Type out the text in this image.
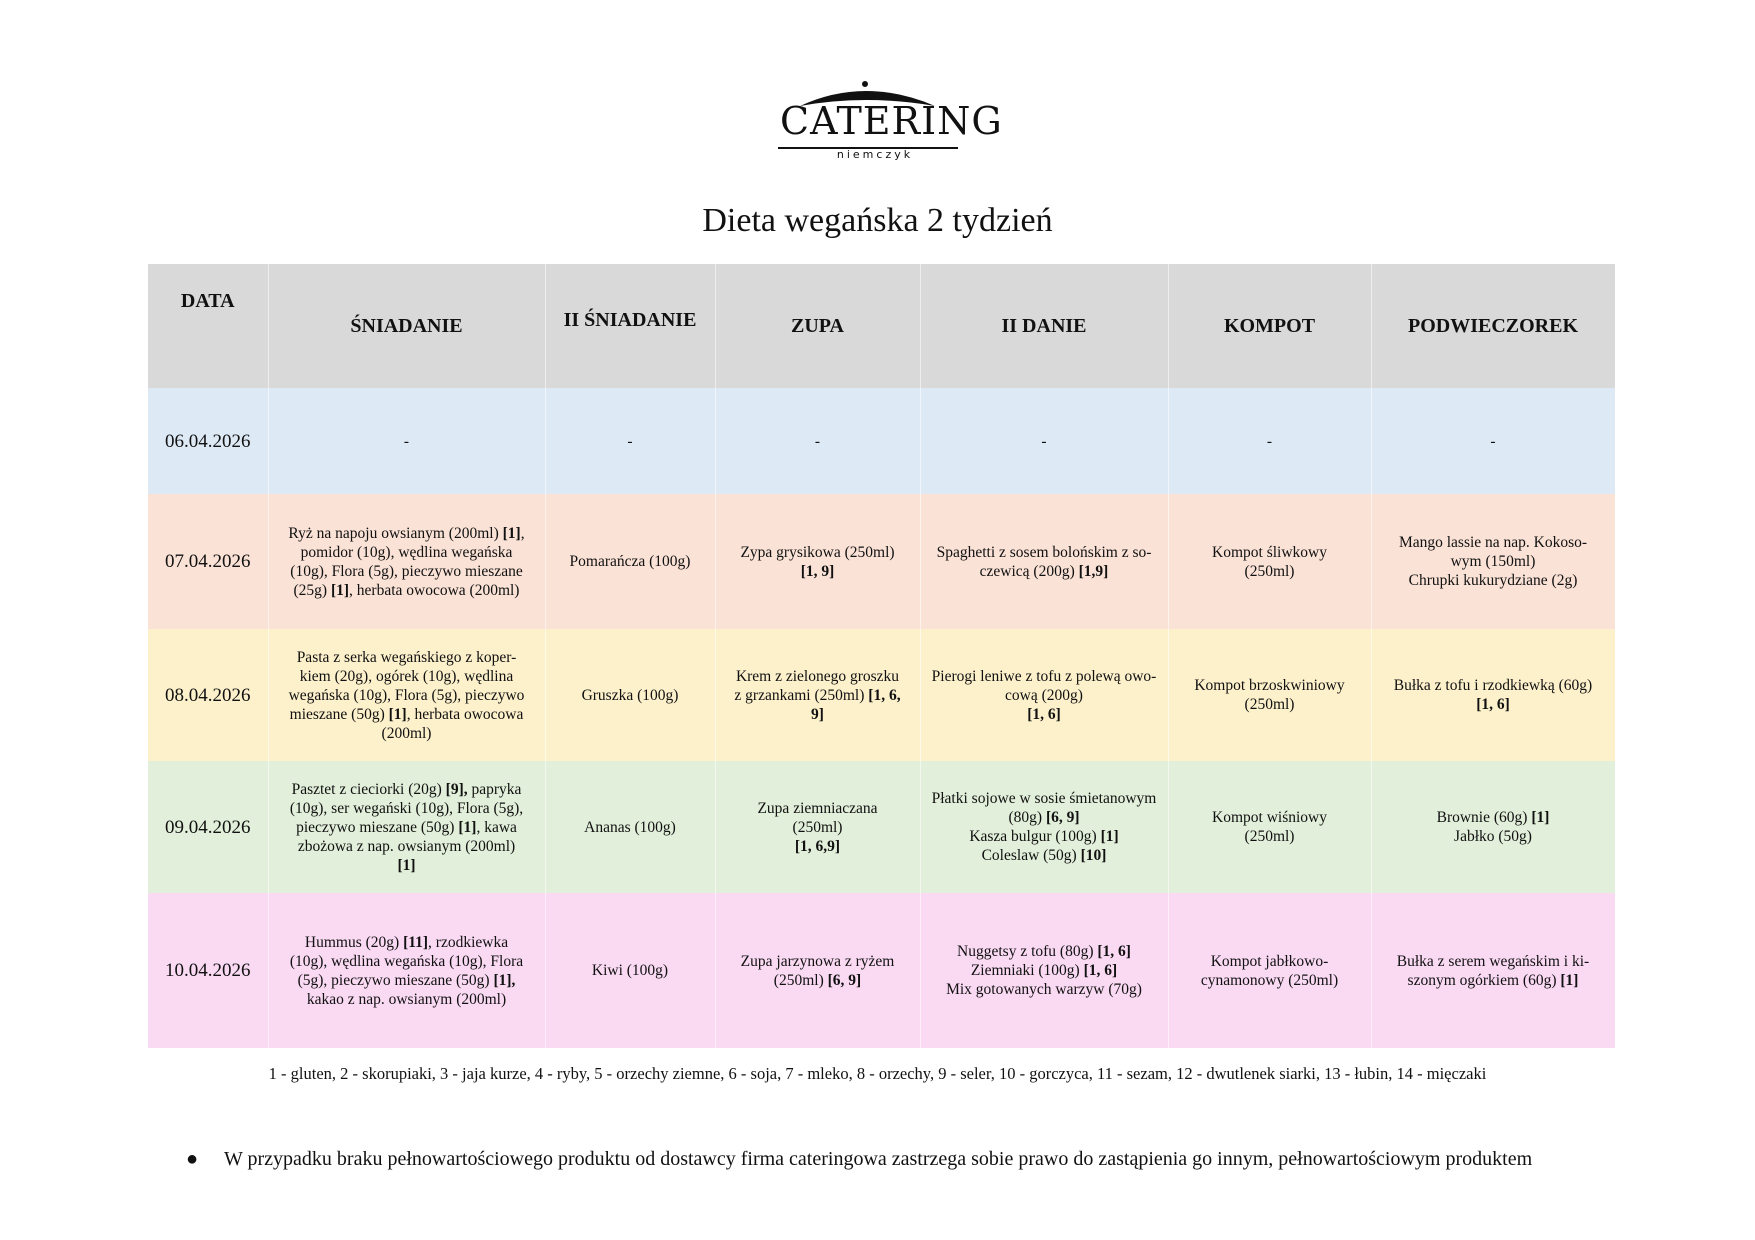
CATERING
niemczyk
Dieta wegańska 2 tydzień
DATA	ŚNIADANIE	II ŚNIADANIE	ZUPA	II DANIE	KOMPOT	PODWIECZOREK
06.04.2026	-	-	-	-	-	-

07.04.2026	Ryż na napoju owsianym (200ml) [1],
pomidor (10g), wędlina wegańska
(10g), Flora (5g), pieczywo mieszane
(25g) [1], herbata owocowa (200ml)	Pomarańcza (100g)	Zypa grysikowa (250ml)
[1, 9]	Spaghetti z sosem bolońskim z so-
czewicą (200g) [1,9]	Kompot śliwkowy
(250ml)	Mango lassie na nap. Kokoso-
wym (150ml)
Chrupki kukurydziane (2g)

08.04.2026	Pasta z serka wegańskiego z koper-
kiem (20g), ogórek (10g), wędlina
wegańska (10g), Flora (5g), pieczywo
mieszane (50g) [1], herbata owocowa
(200ml)	Gruszka (100g)	Krem z zielonego groszku
z grzankami (250ml) [1, 6,
9]	Pierogi leniwe z tofu z polewą owo-
cową (200g)
[1, 6]	Kompot brzoskwiniowy
(250ml)	Bułka z tofu i rzodkiewką (60g)
[1, 6]

09.04.2026	Pasztet z cieciorki (20g) [9], papryka
(10g), ser wegański (10g), Flora (5g),
pieczywo mieszane (50g) [1], kawa
zbożowa z nap. owsianym (200ml)
[1]	Ananas (100g)	Zupa ziemniaczana
(250ml)
[1, 6,9]	Płatki sojowe w sosie śmietanowym
(80g) [6, 9]
Kasza bulgur (100g) [1]
Coleslaw (50g) [10]	Kompot wiśniowy
(250ml)	Brownie (60g) [1]
Jabłko (50g)

10.04.2026	Hummus (20g) [11], rzodkiewka
(10g), wędlina wegańska (10g), Flora
(5g), pieczywo mieszane (50g) [1],
kakao z nap. owsianym (200ml)	Kiwi (100g)	Zupa jarzynowa z ryżem
(250ml) [6, 9]	Nuggetsy z tofu (80g) [1, 6]
Ziemniaki (100g) [1, 6]
Mix gotowanych warzyw (70g)	Kompot jabłkowo-
cynamonowy (250ml)	Bułka z serem wegańskim i ki-
szonym ogórkiem (60g) [1]
1 - gluten, 2 - skorupiaki, 3 - jaja kurze, 4 - ryby, 5 - orzechy ziemne, 6 - soja, 7 - mleko, 8 - orzechy, 9 - seler, 10 - gorczyca, 11 - sezam, 12 - dwutlenek siarki, 13 - łubin, 14 - mięczaki
● W przypadku braku pełnowartościowego produktu od dostawcy firma cateringowa zastrzega sobie prawo do zastąpienia go innym, pełnowartościowym produktem
